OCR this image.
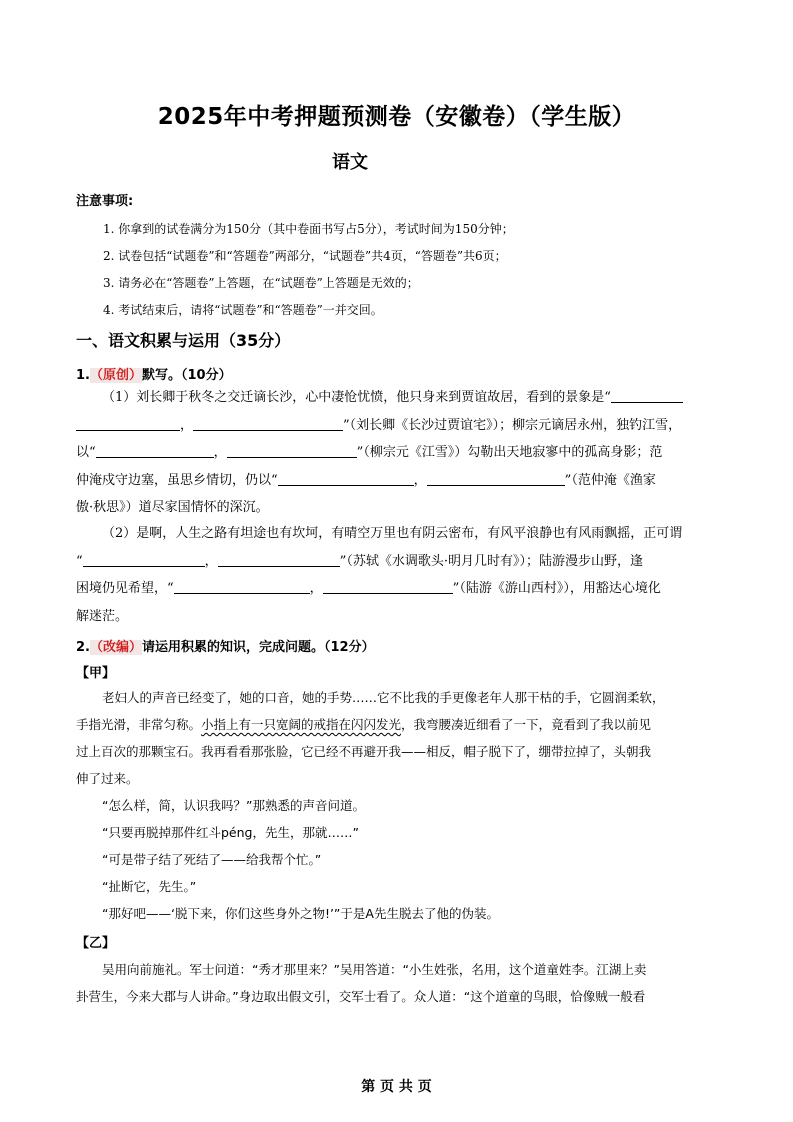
2025年中考押题预测卷（安徽卷）（学生版）
语文
注意事项:
1. 你拿到的试卷满分为150分（其中卷面书写占5分），考试时间为150分钟；
2. 试卷包括“试题卷”和“答题卷”两部分，“试题卷”共4页，“答题卷”共6页；
3. 请务必在“答题卷”上答题，在“试题卷”上答题是无效的；
4. 考试结束后，请将“试题卷”和“答题卷”一并交回。
一、语文积累与运用（35分）
1.（原创）默写。（10分）
（1）刘长卿于秋冬之交迁谪长沙，心中凄怆忧愤，他只身来到贾谊故居，看到的景象是“
，	”（刘长卿《长沙过贾谊宅》）；柳宗元谪居永州，独钓江雪，
以“	，	”（柳宗元《江雪》）勾勒出天地寂寥中的孤高身影；范
仲淹戍守边塞，虽思乡情切，仍以“	，	”（范仲淹《渔家
傲·秋思》）道尽家国情怀的深沉。
（2）是啊，人生之路有坦途也有坎坷，有晴空万里也有阴云密布，有风平浪静也有风雨飘摇，正可谓
“	，	”（苏轼《水调歌头·明月几时有》）；陆游漫步山野，逢
困境仍见希望，“	，	”（陆游《游山西村》），用豁达心境化
解迷茫。
2.（改编）请运用积累的知识，完成问题。（12分）
【甲】
老妇人的声音已经变了，她的口音，她的手势……它不比我的手更像老年人那干枯的手，它圆润柔软，
手指光滑，非常匀称。小指上有一只宽阔的戒指在闪闪发光，我弯腰凑近细看了一下，竟看到了我以前见
过上百次的那颗宝石。我再看看那张脸，它已经不再避开我——相反，帽子脱下了，绷带拉掉了，头朝我
伸了过来。
“怎么样，简，认识我吗？”那熟悉的声音问道。
“只要再脱掉那件红斗pénɡ，先生，那就……”
“可是带子结了死结了——给我帮个忙。”
“扯断它，先生。”
“那好吧——‘脱下来，你们这些身外之物!’”于是A先生脱去了他的伪装。
【乙】
吴用向前施礼。军士问道：“秀才那里来？”吴用答道：“小生姓张，名用，这个道童姓李。江湖上卖
卦营生，今来大郡与人讲命。”身边取出假文引，交军士看了。众人道：“这个道童的鸟眼，恰像贼一般看
第 页 共 页
